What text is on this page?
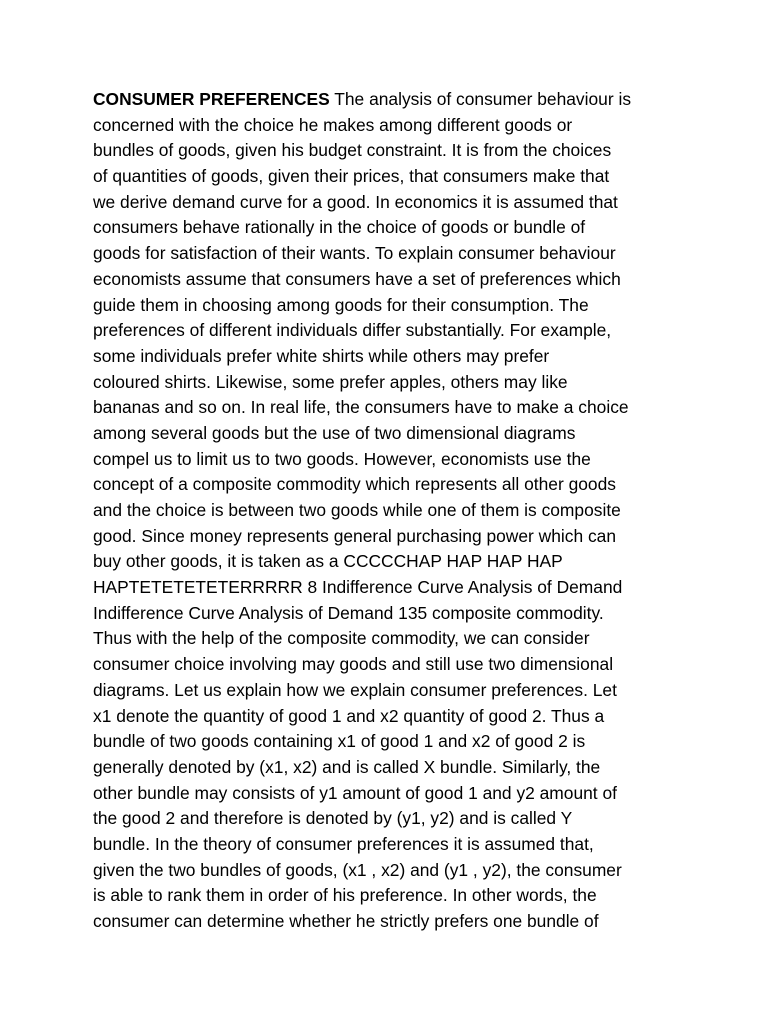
CONSUMER PREFERENCES The analysis of consumer behaviour is
concerned with the choice he makes among different goods or
bundles of goods, given his budget constraint. It is from the choices
of quantities of goods, given their prices, that consumers make that
we derive demand curve for a good. In economics it is assumed that
consumers behave rationally in the choice of goods or bundle of
goods for satisfaction of their wants. To explain consumer behaviour
economists assume that consumers have a set of preferences which
guide them in choosing among goods for their consumption. The
preferences of different individuals differ substantially. For example,
some individuals prefer white shirts while others may prefer
coloured shirts. Likewise, some prefer apples, others may like
bananas and so on. In real life, the consumers have to make a choice
among several goods but the use of two dimensional diagrams
compel us to limit us to two goods. However, economists use the
concept of a composite commodity which represents all other goods
and the choice is between two goods while one of them is composite
good. Since money represents general purchasing power which can
buy other goods, it is taken as a CCCCCHAP HAP HAP HAP
HAPTETETETETERRRRR 8 Indifference Curve Analysis of Demand
Indifference Curve Analysis of Demand 135 composite commodity.
Thus with the help of the composite commodity, we can consider
consumer choice involving may goods and still use two dimensional
diagrams. Let us explain how we explain consumer preferences. Let
x1 denote the quantity of good 1 and x2 quantity of good 2. Thus a
bundle of two goods containing x1 of good 1 and x2 of good 2 is
generally denoted by (x1, x2) and is called X bundle. Similarly, the
other bundle may consists of y1 amount of good 1 and y2 amount of
the good 2 and therefore is denoted by (y1, y2) and is called Y
bundle. In the theory of consumer preferences it is assumed that,
given the two bundles of goods, (x1 , x2) and (y1 , y2), the consumer
is able to rank them in order of his preference. In other words, the
consumer can determine whether he strictly prefers one bundle of
